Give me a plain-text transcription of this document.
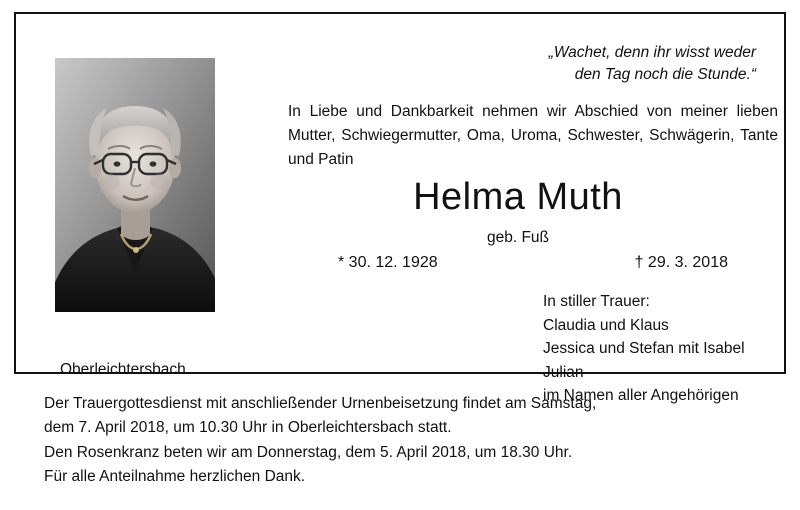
„Wachet, denn ihr wisst weder
den Tag noch die Stunde.“
In Liebe und Dankbarkeit nehmen wir Abschied von meiner lieben Mutter, Schwiegermutter, Oma, Uroma, Schwester, Schwägerin, Tante und Patin
Helma Muth
geb. Fuß
* 30. 12. 1928	† 29. 3. 2018
In stiller Trauer:
Claudia und Klaus
Jessica und Stefan mit Isabel
Julian
im Namen aller Angehörigen
Oberleichtersbach
Der Trauergottesdienst mit anschließender Urnenbeisetzung findet am Samstag,
dem 7. April 2018, um 10.30 Uhr in Oberleichtersbach statt.
Den Rosenkranz beten wir am Donnerstag, dem 5. April 2018, um 18.30 Uhr.
Für alle Anteilnahme herzlichen Dank.
